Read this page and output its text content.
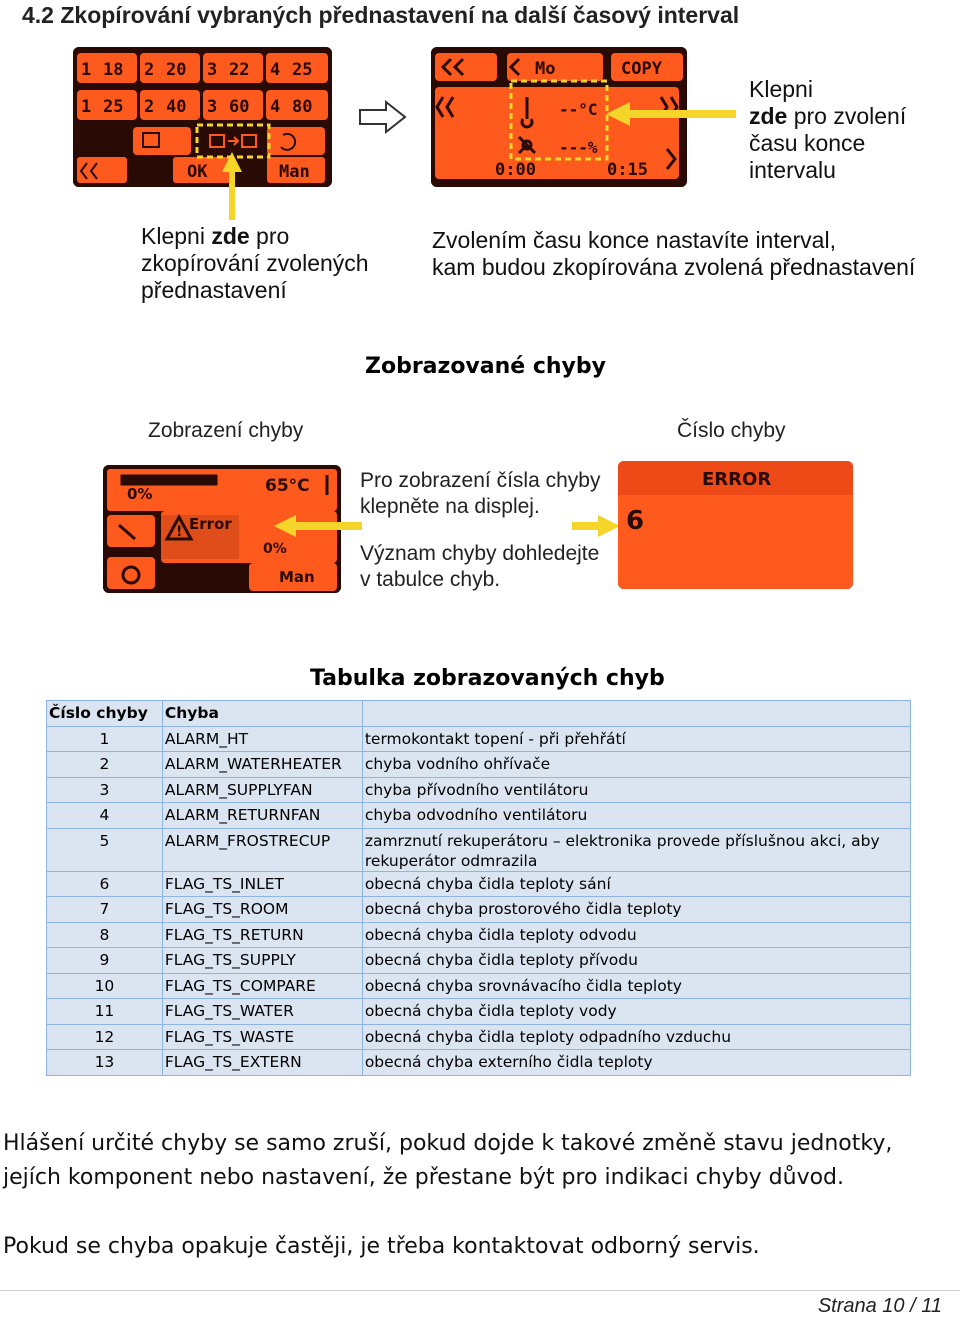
4.2 Zkopírování vybraných přednastavení na další časový interval
1 18 2 20 3 22 4 25
1 25 2 40 3 60 4 80
OK	Man
Mo	COPY
--°C
---%
0:00	0:15
Klepni
zde pro zvolení
času konce
intervalu
Klepni zde pro
zkopírování zvolených
přednastavení
Zvolením času konce nastavíte interval,
kam budou zkopírována zvolená přednastavení
Zobrazované chyby
Zobrazení chyby	Číslo chyby
0%	65°C
Error
0%
Man
!
Pro zobrazení čísla chyby
klepněte na displej.
Význam chyby dohledejte
v tabulce chyb.
ERROR
6
Tabulka zobrazovaných chyb
Číslo chyby	Chyba	
1	ALARM_HT	termokontakt topení - při přehřátí
2	ALARM_WATERHEATER	chyba vodního ohřívače
3	ALARM_SUPPLYFAN	chyba přívodního ventilátoru
4	ALARM_RETURNFAN	chyba odvodního ventilátoru
5	ALARM_FROSTRECUP	zamrznutí rekuperátoru – elektronika provede příslušnou akci, aby rekuperátor odmrazila
6	FLAG_TS_INLET	obecná chyba čidla teploty sání
7	FLAG_TS_ROOM	obecná chyba prostorového čidla teploty
8	FLAG_TS_RETURN	obecná chyba čidla teploty odvodu
9	FLAG_TS_SUPPLY	obecná chyba čidla teploty přívodu
10	FLAG_TS_COMPARE	obecná chyba srovnávacího čidla teploty
11	FLAG_TS_WATER	obecná chyba čidla teploty vody
12	FLAG_TS_WASTE	obecná chyba čidla teploty odpadního vzduchu
13	FLAG_TS_EXTERN	obecná chyba externího čidla teploty
Hlášení určité chyby se samo zruší, pokud dojde k takové změně stavu jednotky,
jejích komponent nebo nastavení, že přestane být pro indikaci chyby důvod.
Pokud se chyba opakuje častěji, je třeba kontaktovat odborný servis.
Strana 10 / 11
